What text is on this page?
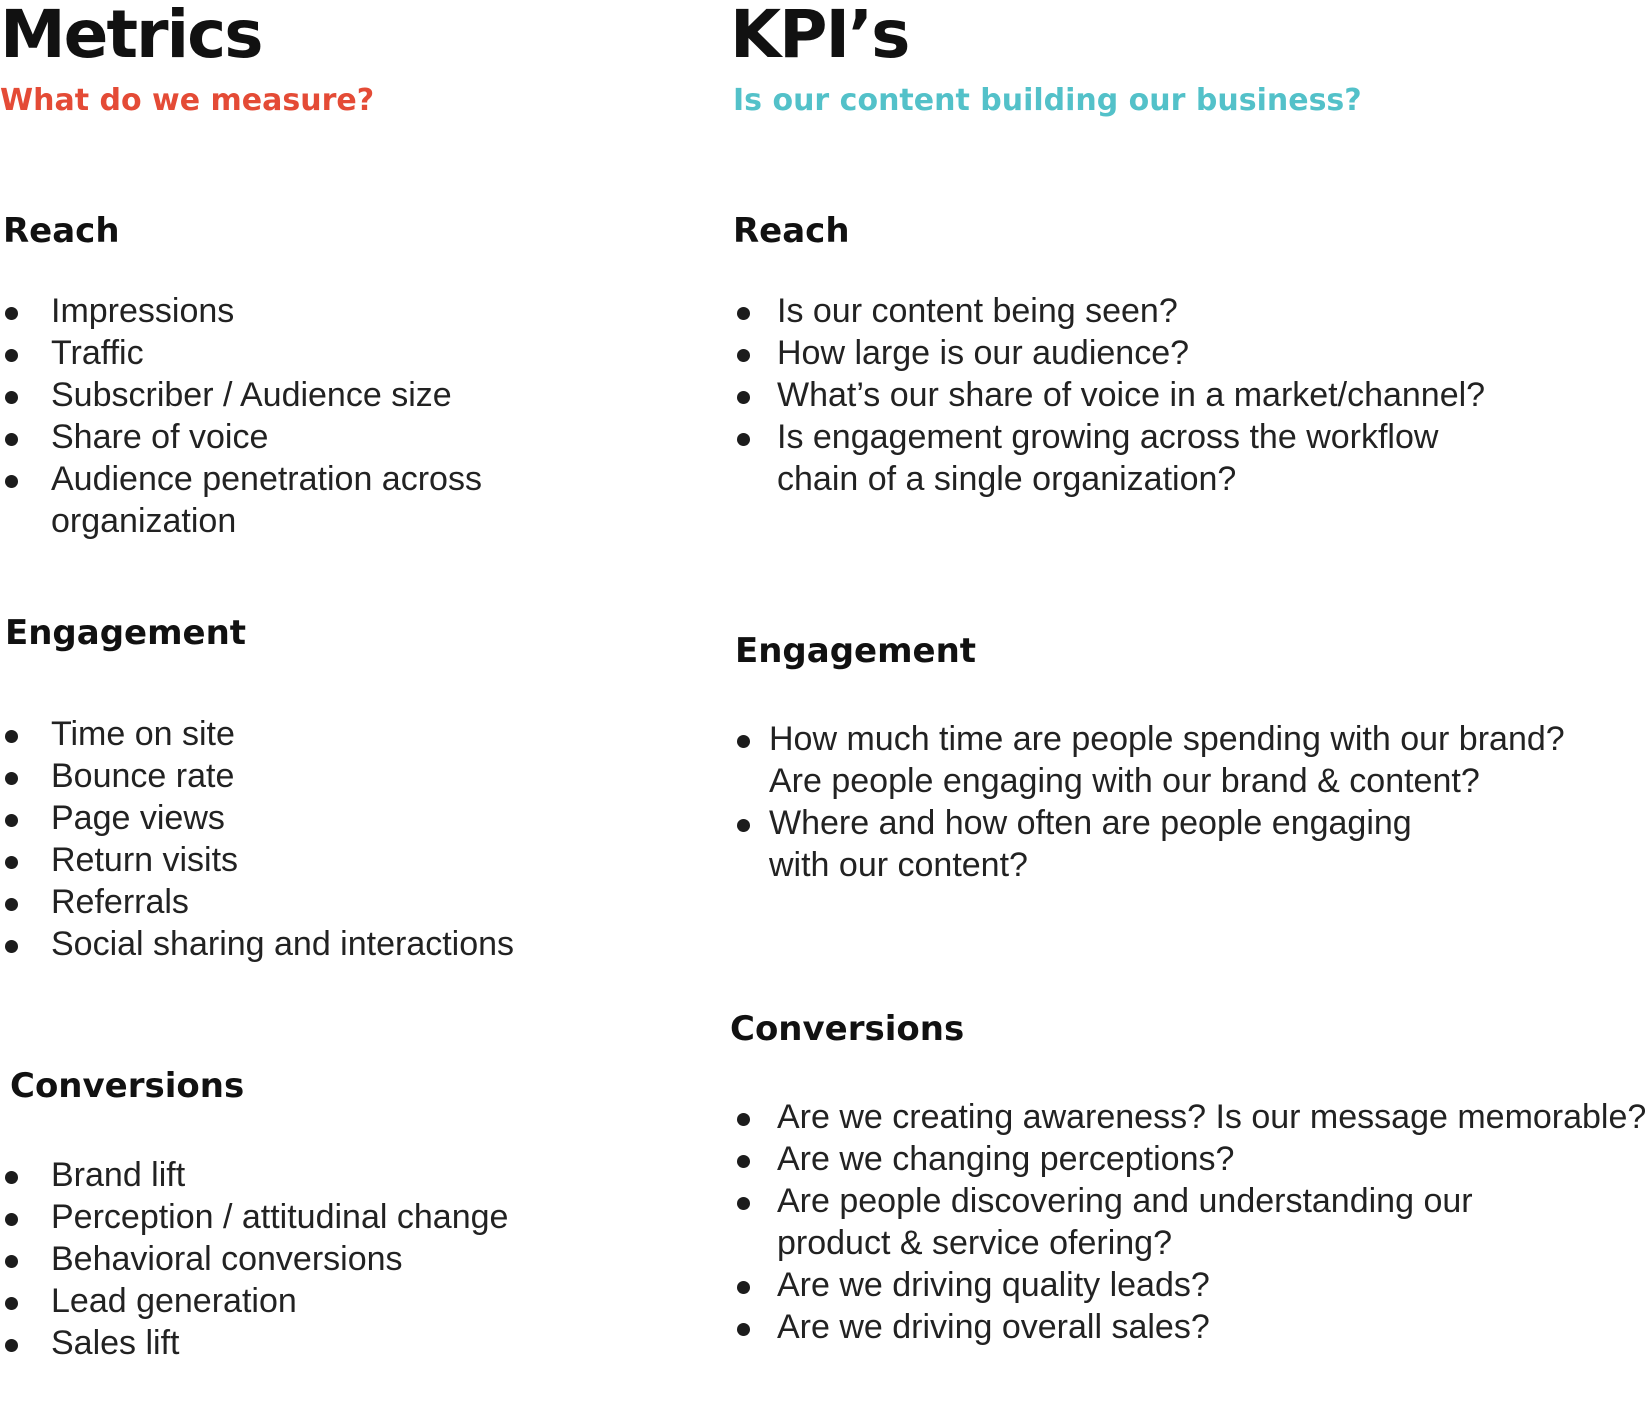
Metrics
What do we measure?
Reach
Impressions
Traffic
Subscriber / Audience size
Share of voice
Audience penetration across organization
Engagement
Time on site
Bounce rate
Page views
Return visits
Referrals
Social sharing and interactions
Conversions
Brand lift
Perception / attitudinal change
Behavioral conversions
Lead generation
Sales lift
KPI’s
Is our content building our business?
Reach
Is our content being seen?
How large is our audience?
What’s our share of voice in a market/channel?
Is engagement growing across the workflow chain of a single organization?
Engagement
How much time are people spending with our brand? Are people engaging with our brand & content?
Where and how often are people engaging with our content?
Conversions
Are we creating awareness? Is our message memorable?
Are we changing perceptions?
Are people discovering and understanding our product & service ofering?
Are we driving quality leads?
Are we driving overall sales?
